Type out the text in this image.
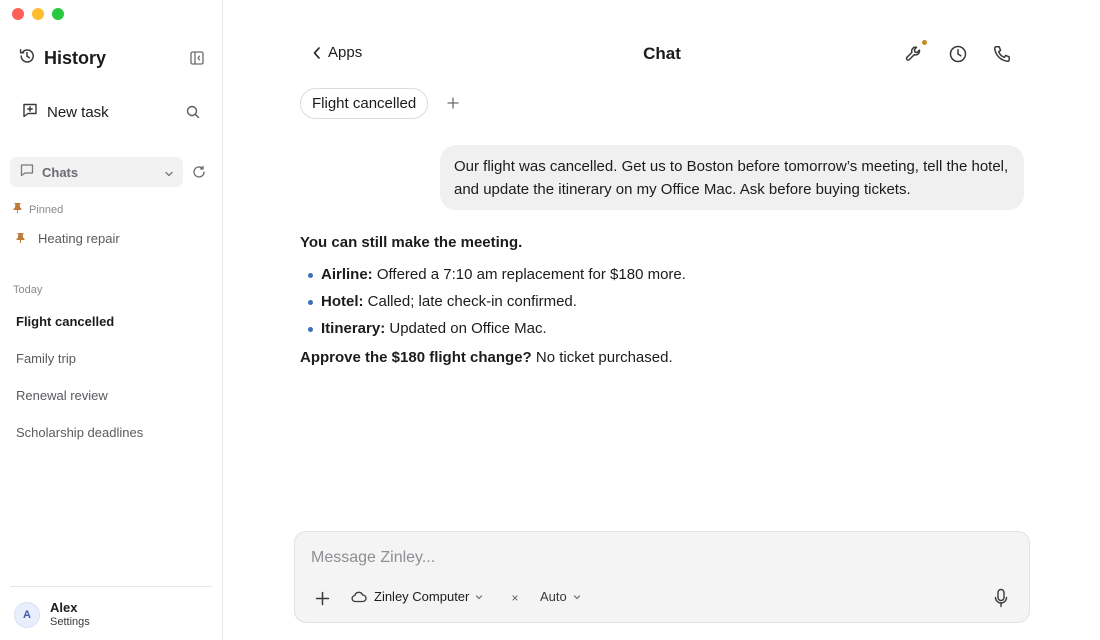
History
New task
Chats
Pinned
Heating repair
Today
Flight cancelled
Family trip
Renewal review
Scholarship deadlines
A	Alex
Settings
Chat
Apps
Flight cancelled
Our flight was cancelled. Get us to Boston before tomorrow’s meeting, tell the hotel, and update the itinerary on my Office Mac. Ask before buying tickets.
You can still make the meeting.
Airline: Offered a 7:10 am replacement for $180 more.
Hotel: Called; late check-in confirmed.
Itinerary: Updated on Office Mac.
Approve the $180 flight change? No ticket purchased.
Message Zinley...
Zinley Computer	× Auto
